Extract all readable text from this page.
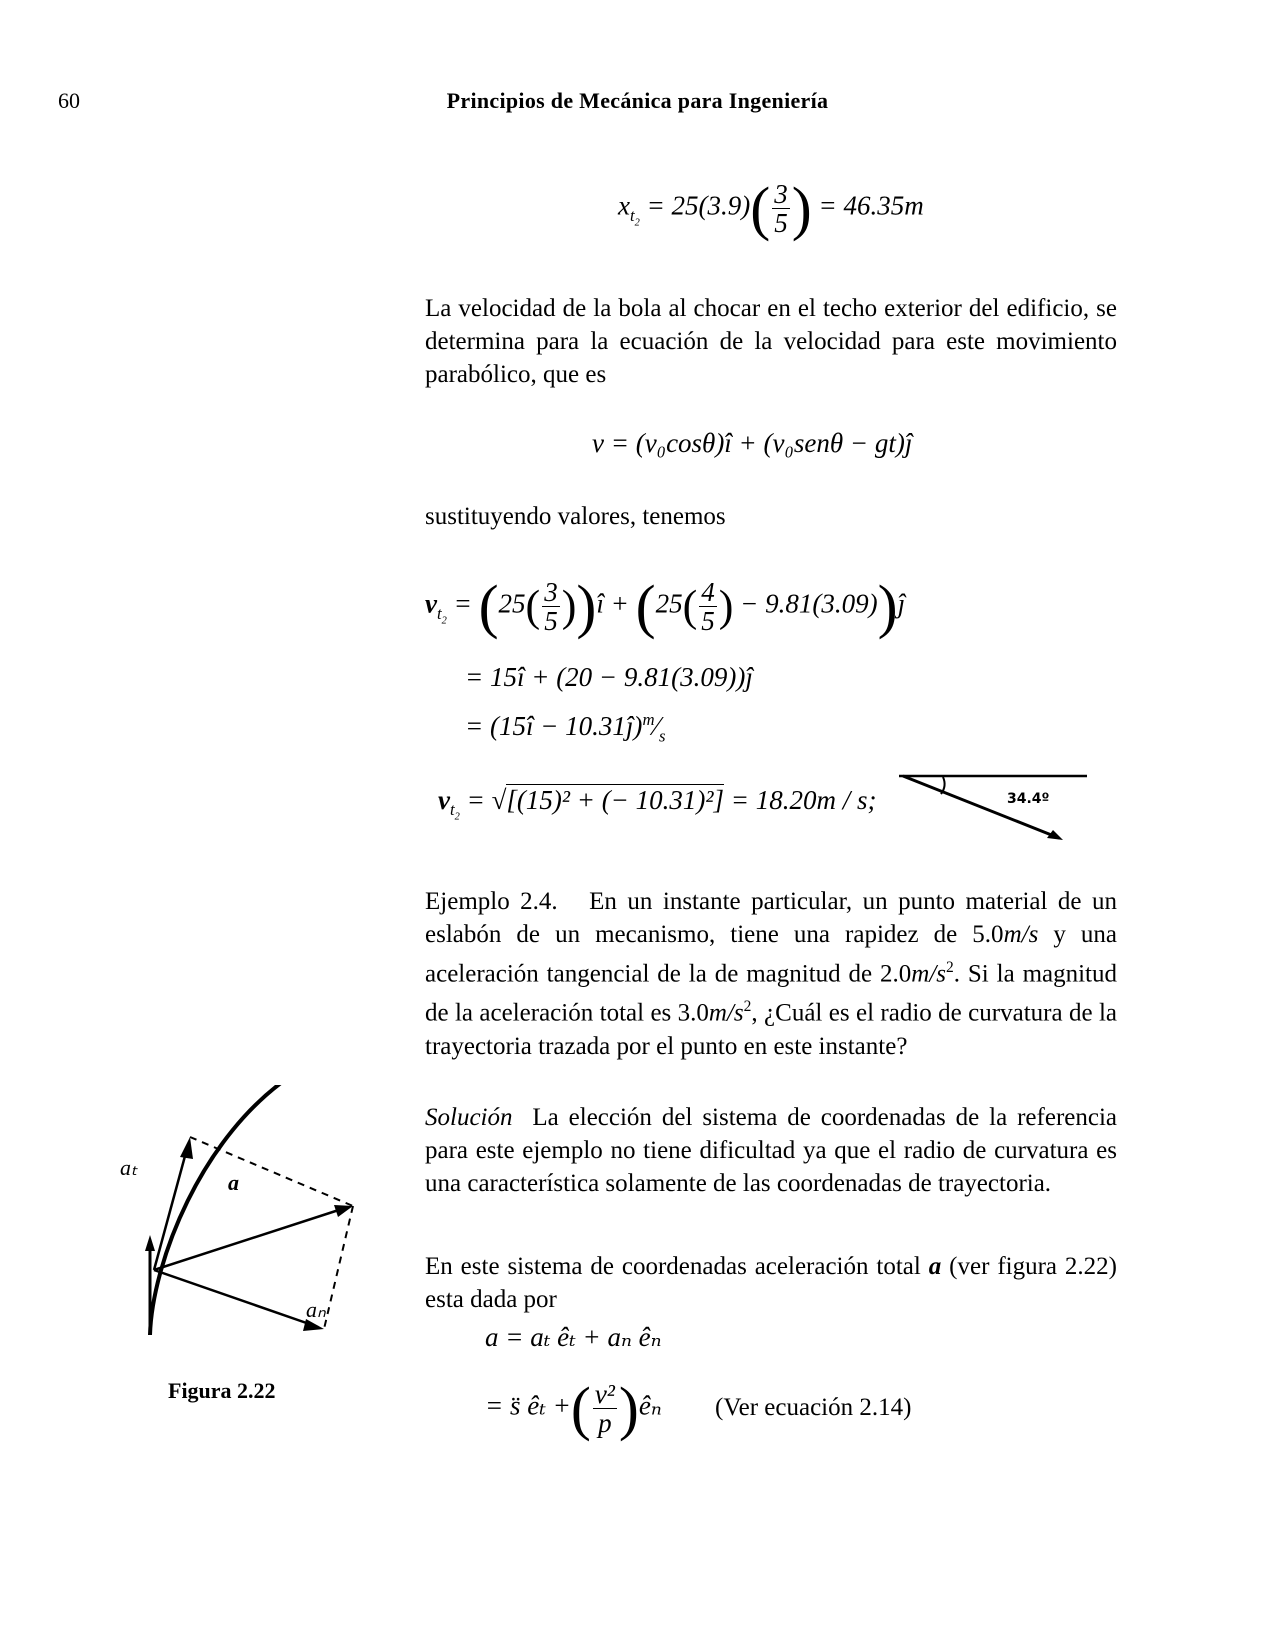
60	Principios de Mecánica para Ingeniería
$x_{t_2} = 25(3.9)( \frac{3}{5}$ ) = 46.35m

La velocidad de la bola al chocar en el techo exterior del edificio, se determina para la ecuación de la velocidad para este movimiento parabólico, que es

v = (v₀cosθ)î + (v₀senθ − gt)ĵ

sustituyendo valores, tenemos

$v_{t_2} = (25( \frac{3}{5}$ ))î + ($25( \frac{4}{5}$ ) − 9.81(3.09))ĵ
= 15î + (20 − 9.81(3.09))ĵ
= (15î − $10.31ĵ)^m⁄_s$
$v_{t_2} = √[(15)^2$ + (− 10.31)²] = 18.20m / s;	34.4º

Ejemplo 2.4. En un instante particular, un punto material de un eslabón de un mecanismo, tiene una rapidez de 5.0m/s y una aceleración tangencial de la de magnitud de $2.0m/s^2$. Si la magnitud de la aceleración total es $3.0m/s^2$, ¿Cuál es el radio de curvatura de la trayectoria trazada por el punto en este instante?

Solución La elección del sistema de coordenadas de la referencia para este ejemplo no tiene dificultad ya que el radio de curvatura es una característica solamente de las coordenadas de trayectoria.

En este sistema de coordenadas aceleración total a (ver figura 2.22) esta dada por

a = aₜ êₜ + aₙ êₙ
= s̈ êₜ +( $\frac{\text{v²}}{p}$ )êₙ (Ver ecuación 2.14)
aₜ
a
aₙ
Figura 2.22
